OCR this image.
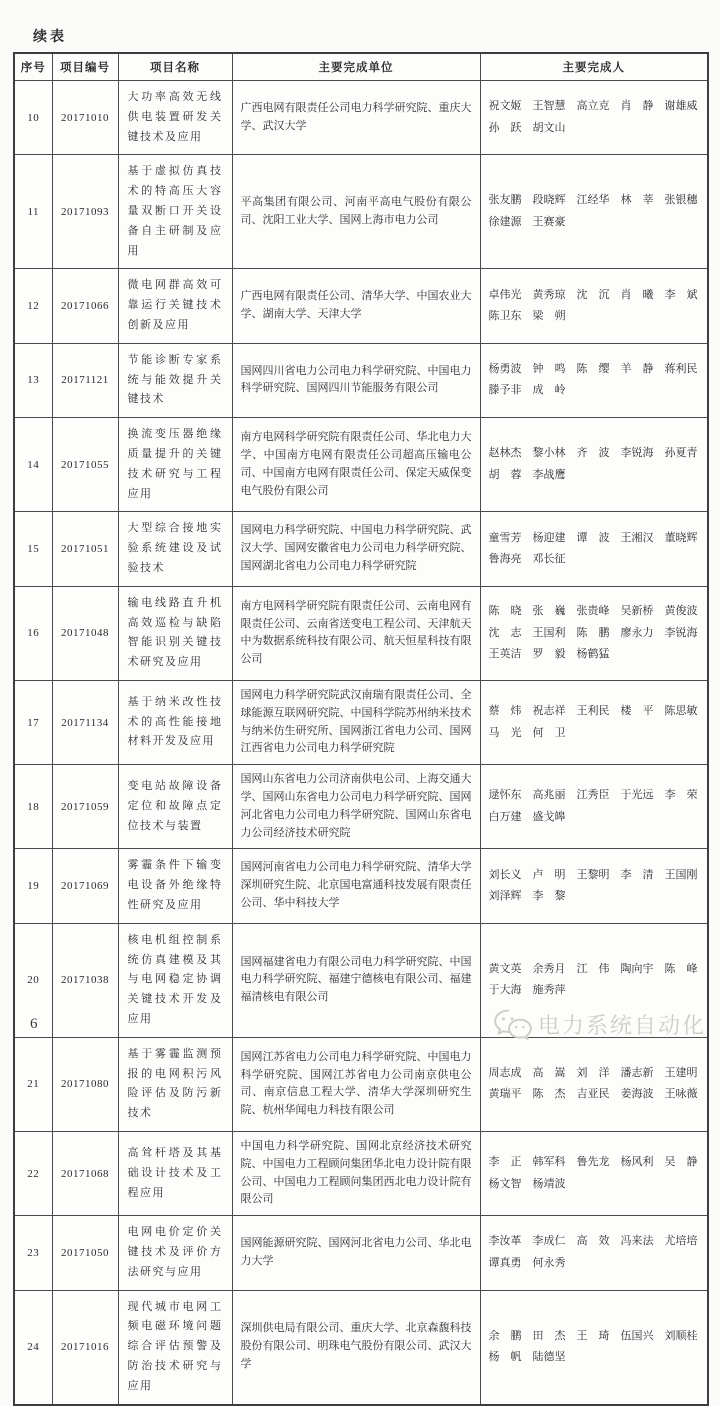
续表
序号	项目编号	项目名称	主要完成单位	主要完成人
10	20171010	大功率高效无线供电装置研发关键技术及应用	广西电网有限责任公司电力科学研究院、重庆大学、武汉大学	祝文姬　王智慧　高立克　肖　静　谢雄威　孙　跃　胡文山
11	20171093	基于虚拟仿真技术的特高压大容量双断口开关设备自主研制及应用	平高集团有限公司、河南平高电气股份有限公司、沈阳工业大学、国网上海市电力公司	张友鹏　段晓辉　江经华　林　莘　张银穗　徐建源　王赛豪
12	20171066	微电网群高效可靠运行关键技术创新及应用	广西电网有限责任公司、清华大学、中国农业大学、湖南大学、天津大学	卓伟光　黄秀琼　沈　沉　肖　曦　李　斌　陈卫东　梁　朔
13	20171121	节能诊断专家系统与能效提升关键技术	国网四川省电力公司电力科学研究院、中国电力科学研究院、国网四川节能服务有限公司	杨勇波　钟　鸣　陈　缨　羊　静　蒋利民　滕予非　成　岭
14	20171055	换流变压器绝缘质量提升的关键技术研究与工程应用	南方电网科学研究院有限责任公司、华北电力大学、中国南方电网有限责任公司超高压输电公司、中国南方电网有限责任公司、保定天威保变电气股份有限公司	赵林杰　黎小林　齐　波　李锐海　孙夏青　胡　蓉　李战鹰
15	20171051	大型综合接地实验系统建设及试验技术	国网电力科学研究院、中国电力科学研究院、武汉大学、国网安徽省电力公司电力科学研究院、国网湖北省电力公司电力科学研究院	童雪芳　杨迎建　谭　波　王湘汉　董晓辉　鲁海亮　邓长征
16	20171048	输电线路直升机高效巡检与缺陷智能识别关键技术研究及应用	南方电网科学研究院有限责任公司、云南电网有限责任公司、云南省送变电工程公司、天津航天中为数据系统科技有限公司、航天恒星科技有限公司	陈　晓　张　巍　张贵峰　吴新桥　黄俊波　沈　志　王国利　陈　鹏　廖永力　李锐海　王英洁　罗　毅　杨鹤猛
17	20171134	基于纳米改性技术的高性能接地材料开发及应用	国网电力科学研究院武汉南瑞有限责任公司、全球能源互联网研究院、中国科学院苏州纳米技术与纳米仿生研究所、国网浙江省电力公司、国网江西省电力公司电力科学研究院	蔡　炜　祝志祥　王利民　楼　平　陈思敏　马　光　何　卫
18	20171059	变电站故障设备定位和故障点定位技术与装置	国网山东省电力公司济南供电公司、上海交通大学、国网山东省电力公司电力科学研究院、国网河北省电力公司电力科学研究院、国网山东省电力公司经济技术研究院	逯怀东　高兆丽　江秀臣　于光远　李　荣　白万建　盛戈皞
19	20171069	雾霾条件下输变电设备外绝缘特性研究及应用	国网河南省电力公司电力科学研究院、清华大学深圳研究生院、北京国电富通科技发展有限责任公司、华中科技大学	刘长义　卢　明　王黎明　李　清　王国刚　刘泽辉　李　黎
20	20171038	核电机组控制系统仿真建模及其与电网稳定协调关键技术开发及应用	国网福建省电力有限公司电力科学研究院、中国电力科学研究院、福建宁德核电有限公司、福建福清核电有限公司	黄文英　余秀月　江　伟　陶向宇　陈　峰　于大海　施秀萍
21	20171080	基于雾霾监测预报的电网积污风险评估及防污新技术	国网江苏省电力公司电力科学研究院、中国电力科学研究院、国网江苏省电力公司南京供电公司、南京信息工程大学、清华大学深圳研究生院、杭州华闻电力科技有限公司	周志成　高　嵩　刘　洋　潘志新　王建明　黄瑞平　陈　杰　吉亚民　姜海波　王咏薇
22	20171068	高耸杆塔及其基础设计技术及工程应用	中国电力科学研究院、国网北京经济技术研究院、中国电力工程顾问集团华北电力设计院有限公司、中国电力工程顾问集团西北电力设计院有限公司	李　正　韩军科　鲁先龙　杨风利　吴　静　杨文智　杨靖波
23	20171050	电网电价定价关键技术及评价方法研究与应用	国网能源研究院、国网河北省电力公司、华北电力大学	李汝革　李成仁　高　效　冯来法　尤培培　谭真勇　何永秀
24	20171016	现代城市电网工频电磁环境问题综合评估预警及防治技术研究与应用	深圳供电局有限公司、重庆大学、北京森馥科技股份有限公司、明珠电气股份有限公司、武汉大学	余　鹏　田　杰　王　琦　伍国兴　刘顺桂　杨　帆　陆德坚
6	电力系统自动化
